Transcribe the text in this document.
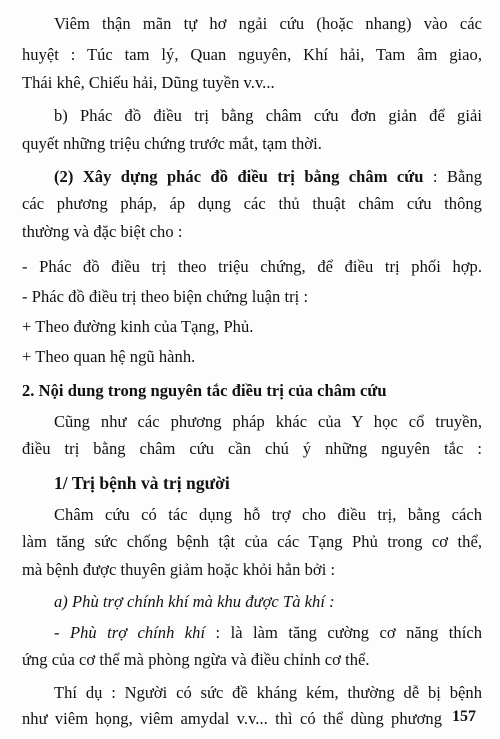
Viêm thận mãn tự hơ ngải cứu (hoặc nhang) vào các
huyệt : Túc tam lý, Quan nguyên, Khí hải, Tam âm giao,
Thái khê, Chiếu hải, Dũng tuyền v.v...
b) Phác đồ điều trị bằng châm cứu đơn giản để giải
quyết những triệu chứng trước mắt, tạm thời.
(2) Xây dựng phác đồ điều trị bằng châm cứu : Bằng
các phương pháp, áp dụng các thủ thuật châm cứu thông
thường và đặc biệt cho :
- Phác đồ điều trị theo triệu chứng, để điều trị phối hợp.
- Phác đồ điều trị theo biện chứng luận trị :
+ Theo đường kinh của Tạng, Phủ.
+ Theo quan hệ ngũ hành.
2. Nội dung trong nguyên tắc điều trị của châm cứu
Cũng như các phương pháp khác của Y học cổ truyền,
điều trị bằng châm cứu cần chú ý những nguyên tắc :
1/ Trị bệnh và trị người
Châm cứu có tác dụng hỗ trợ cho điều trị, bằng cách
làm tăng sức chống bệnh tật của các Tạng Phủ trong cơ thể,
mà bệnh được thuyên giảm hoặc khỏi hẳn bởi :
a) Phù trợ chính khí mà khu được Tà khí :
- Phù trợ chính khí : là làm tăng cường cơ năng thích
ứng của cơ thể mà phòng ngừa và điều chỉnh cơ thể.
Thí dụ : Người có sức đề kháng kém, thường dễ bị bệnh
như viêm họng, viêm amydal v.v... thì có thể dùng phương 157
